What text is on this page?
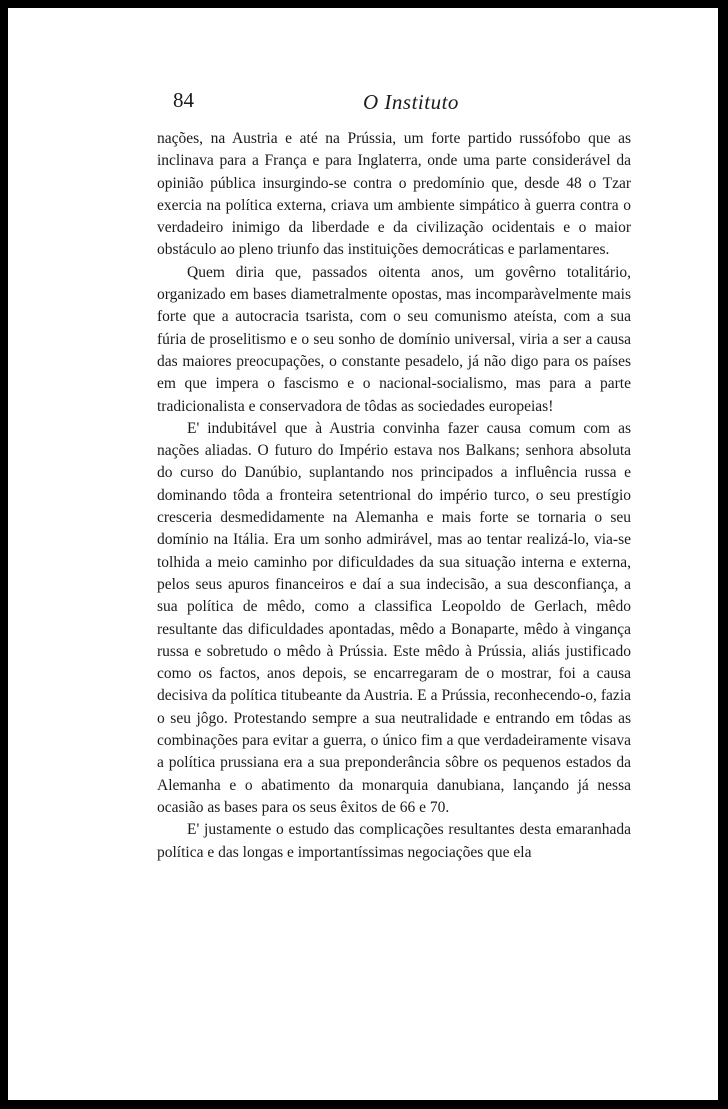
84	O Instituto

nações, na Austria e até na Prússia, um forte partido russófobo que as inclinava para a França e para Inglaterra, onde uma parte considerável da opinião pública insurgindo-se contra o predomínio que, desde 48 o Tzar exercia na política externa, criava um ambiente simpático à guerra contra o verdadeiro inimigo da liberdade e da civilização ocidentais e o maior obstáculo ao pleno triunfo das instituições democráticas e parlamentares.

Quem diria que, passados oitenta anos, um govêrno totalitário, organizado em bases diametralmente opostas, mas incomparàvelmente mais forte que a autocracia tsarista, com o seu comunismo ateísta, com a sua fúria de proselitismo e o seu sonho de domínio universal, viria a ser a causa das maiores preocupações, o constante pesadelo, já não digo para os países em que impera o fascismo e o nacional-socialismo, mas para a parte tradicionalista e conservadora de tôdas as sociedades europeias!

E' indubitável que à Austria convinha fazer causa comum com as nações aliadas. O futuro do Império estava nos Balkans; senhora absoluta do curso do Danúbio, suplantando nos principados a influência russa e dominando tôda a fronteira setentrional do império turco, o seu prestígio cresceria desmedidamente na Alemanha e mais forte se tornaria o seu domínio na Itália. Era um sonho admirável, mas ao tentar realizá-lo, via-se tolhida a meio caminho por dificuldades da sua situação interna e externa, pelos seus apuros financeiros e daí a sua indecisão, a sua desconfiança, a sua política de mêdo, como a classifica Leopoldo de Gerlach, mêdo resultante das dificuldades apontadas, mêdo a Bonaparte, mêdo à vingança russa e sobretudo o mêdo à Prússia. Este mêdo à Prússia, aliás justificado como os factos, anos depois, se encarregaram de o mostrar, foi a causa decisiva da política titubeante da Austria. E a Prússia, reconhecendo-o, fazia o seu jôgo. Protestando sempre a sua neutralidade e entrando em tôdas as combinações para evitar a guerra, o único fim a que verdadeiramente visava a política prussiana era a sua preponderância sôbre os pequenos estados da Alemanha e o abatimento da monarquia danubiana, lançando já nessa ocasião as bases para os seus êxitos de 66 e 70.

E' justamente o estudo das complicações resultantes desta emaranhada política e das longas e importantíssimas negociações que ela
